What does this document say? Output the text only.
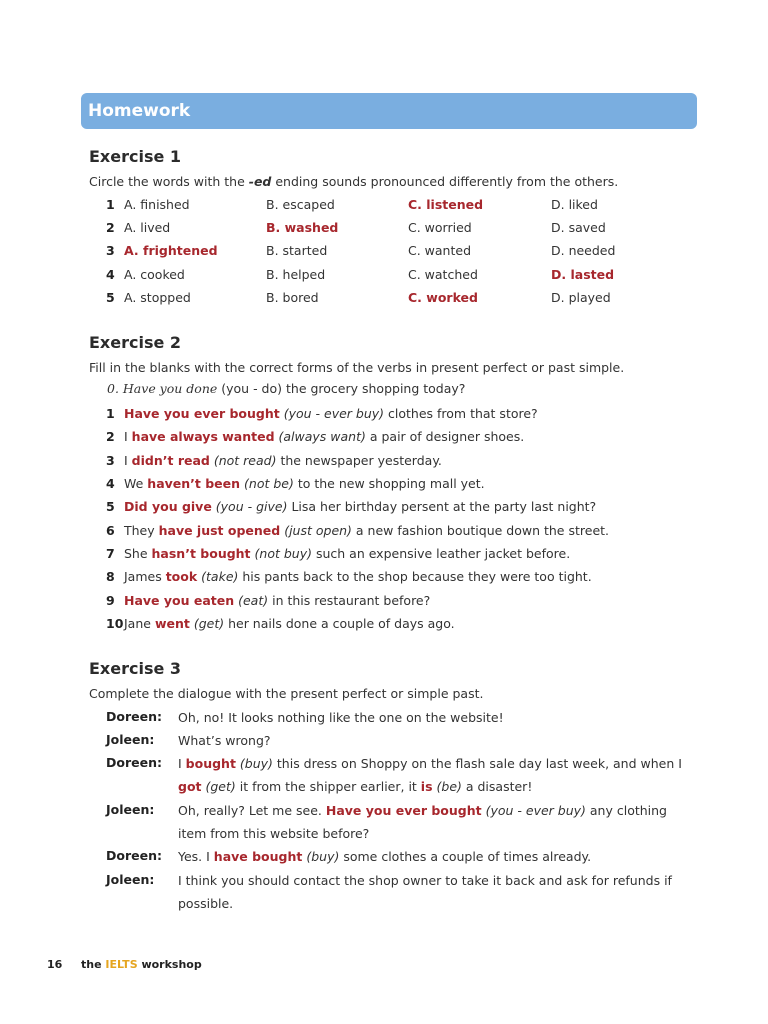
Homework
Exercise 1
Circle the words with the -ed ending sounds pronounced differently from the others.
1 A. finished	B. escaped	C. listened	D. liked
2 A. lived	B. washed	C. worried	D. saved
3 A. frightened	B. started	C. wanted	D. needed
4 A. cooked	B. helped	C. watched	D. lasted
5 A. stopped	B. bored	C. worked	D. played
Exercise 2
Fill in the blanks with the correct forms of the verbs in present perfect or past simple.
0. Have you done (you - do) the grocery shopping today?
1 Have you ever bought (you - ever buy) clothes from that store?
2 I have always wanted (always want) a pair of designer shoes.
3 I didn’t read (not read) the newspaper yesterday.
4 We haven’t been (not be) to the new shopping mall yet.
5 Did you give (you - give) Lisa her birthday persent at the party last night?
6 They have just opened (just open) a new fashion boutique down the street.
7 She hasn’t bought (not buy) such an expensive leather jacket before.
8 James took (take) his pants back to the shop because they were too tight.
9 Have you eaten (eat) in this restaurant before?
10 Jane went (get) her nails done a couple of days ago.
Exercise 3
Complete the dialogue with the present perfect or simple past.
Doreen: Oh, no! It looks nothing like the one on the website!
Joleen: What’s wrong?
Doreen: I bought (buy) this dress on Shoppy on the flash sale day last week, and when I got (get) it from the shipper earlier, it is (be) a disaster!
Joleen: Oh, really? Let me see. Have you ever bought (you - ever buy) any clothing item from this website before?
Doreen: Yes. I have bought (buy) some clothes a couple of times already.
Joleen: I think you should contact the shop owner to take it back and ask for refunds if possible.
16 the IELTS workshop
